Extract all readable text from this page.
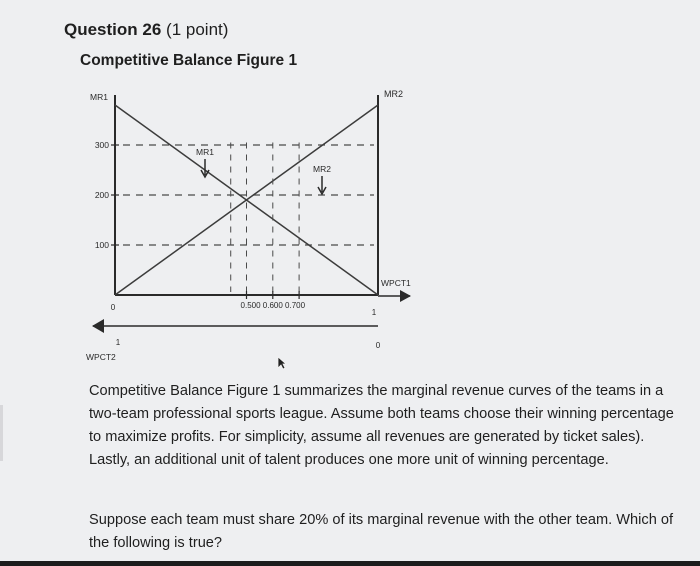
Question 26 (1 point)
Competitive Balance Figure 1
MR1	MR2
100
200
300
0.500 0.600 0.700
MR1
MR2
WPCT1
0
1
0
1
WPCT2
Competitive Balance Figure 1 summarizes the marginal revenue curves of the teams in a two-team professional sports league. Assume both teams choose their winning percentage to maximize profits. For simplicity, assume all revenues are generated by ticket sales). Lastly, an additional unit of talent produces one more unit of winning percentage.
Suppose each team must share 20% of its marginal revenue with the other team. Which of the following is true?
